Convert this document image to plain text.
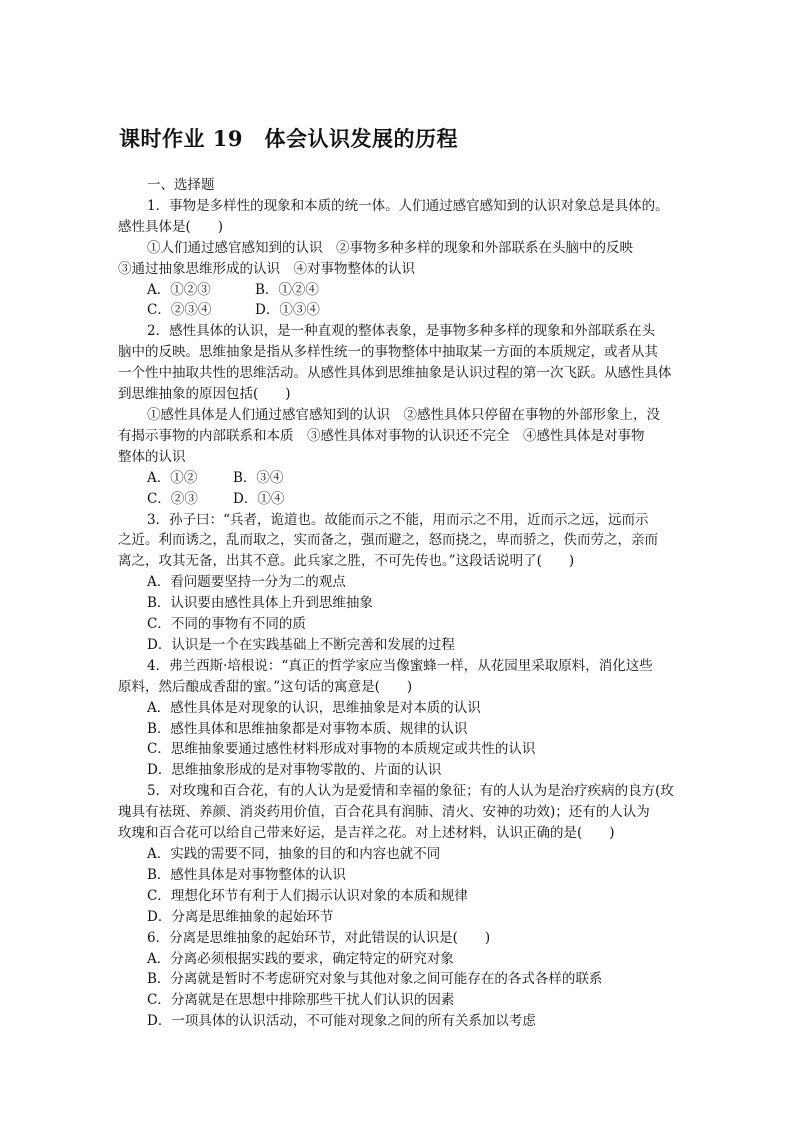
课时作业 19　体会认识发展的历程

一、选择题

1．事物是多样性的现象和本质的统一体。人们通过感官感知到的认识对象总是具体的。

感性具体是(　　)

①人们通过感官感知到的认识　②事物多种多样的现象和外部联系在头脑中的反映

③通过抽象思维形成的认识　④对事物整体的认识

A．①②③	B．①②④

C．②③④	D．①③④

2．感性具体的认识，是一种直观的整体表象，是事物多种多样的现象和外部联系在头

脑中的反映。思维抽象是指从多样性统一的事物整体中抽取某一方面的本质规定，或者从其

一个性中抽取共性的思维活动。从感性具体到思维抽象是认识过程的第一次飞跃。从感性具体

到思维抽象的原因包括(　　)

①感性具体是人们通过感官感知到的认识　②感性具体只停留在事物的外部形象上，没

有揭示事物的内部联系和本质　③感性具体对事物的认识还不完全　④感性具体是对事物

整体的认识

A．①②	B．③④

C．②③	D．①④

3．孙子曰：“兵者，诡道也。故能而示之不能，用而示之不用，近而示之远，远而示

之近。利而诱之，乱而取之，实而备之，强而避之，怒而挠之，卑而骄之，佚而劳之，亲而

离之，攻其无备，出其不意。此兵家之胜，不可先传也。”这段话说明了(　　)

A．看问题要坚持一分为二的观点

B．认识要由感性具体上升到思维抽象

C．不同的事物有不同的质

D．认识是一个在实践基础上不断完善和发展的过程

4．弗兰西斯·培根说：“真正的哲学家应当像蜜蜂一样，从花园里采取原料，消化这些

原料，然后酿成香甜的蜜。”这句话的寓意是(　　)

A．感性具体是对现象的认识，思维抽象是对本质的认识

B．感性具体和思维抽象都是对事物本质、规律的认识

C．思维抽象要通过感性材料形成对事物的本质规定或共性的认识

D．思维抽象形成的是对事物零散的、片面的认识

5．对玫瑰和百合花，有的人认为是爱情和幸福的象征；有的人认为是治疗疾病的良方(玫

瑰具有祛斑、养颜、消炎药用价值，百合花具有润肺、清火、安神的功效)；还有的人认为

玫瑰和百合花可以给自己带来好运，是吉祥之花。对上述材料，认识正确的是(　　)

A．实践的需要不同，抽象的目的和内容也就不同

B．感性具体是对事物整体的认识

C．理想化环节有利于人们揭示认识对象的本质和规律

D．分离是思维抽象的起始环节

6．分离是思维抽象的起始环节，对此错误的认识是(　　)

A．分离必须根据实践的要求，确定特定的研究对象

B．分离就是暂时不考虑研究对象与其他对象之间可能存在的各式各样的联系

C．分离就是在思想中排除那些干扰人们认识的因素

D．一项具体的认识活动，不可能对现象之间的所有关系加以考虑
